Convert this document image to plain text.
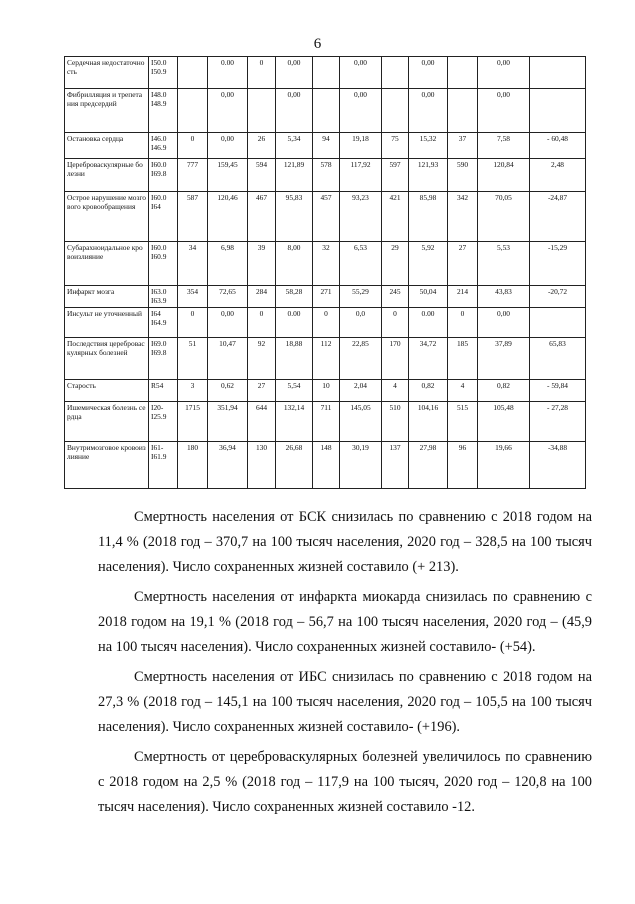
6
Сердечная недостаточность	I50.0 I50.9		0.00	0	0,00		0,00		0,00		0,00	
Фибрилляция и трепетания предсердий	I48.0 I48.9		0,00		0,00		0,00		0,00		0,00	
Остановка сердца	I46.0 I46.9	0	0,00	26	5,34	94	19,18	75	15,32	37	7,58	- 60,48
Цереброваскулярные болезни	I60.0 I69.8	777	159,45	594	121,89	578	117,92	597	121,93	590	120,84	2,48
Острое нарушение мозгового кровообращения	I60.0 I64	587	120,46	467	95,83	457	93,23	421	85,98	342	70,05	-24,87
Субарахноидальное кровоизлияние	I60.0 I60.9	34	6,98	39	8,00	32	6,53	29	5,92	27	5,53	-15,29
Инфаркт мозга	I63.0 I63.9	354	72,65	284	58,28	271	55,29	245	50,04	214	43,83	-20,72
Инсульт не уточненный	I64 I64.9	0	0,00	0	0.00	0	0,0	0	0.00	0	0,00	
Последствия цереброваскулярных болезней	I69.0 I69.8	51	10,47	92	18,88	112	22,85	170	34,72	185	37,89	65,83
Старость	R54	3	0,62	27	5,54	10	2,04	4	0,82	4	0,82	- 59,84
Ишемическая болезнь сердца	I20- I25.9	1715	351,94	644	132,14	711	145,05	510	104,16	515	105,48	- 27,28
Внутримозговое кровоизлияние	I61- I61.9	180	36,94	130	26,68	148	30,19	137	27,98	96	19,66	-34,88

Смертность населения от БСК снизилась по сравнению с 2018 годом на 11,4 % (2018 год – 370,7 на 100 тысяч населения, 2020 год – 328,5 на 100 тысяч населения). Число сохраненных жизней составило (+ 213).

Смертность населения от инфаркта миокарда снизилась по сравнению с 2018 годом на 19,1 % (2018 год – 56,7 на 100 тысяч населения, 2020 год – (45,9 на 100 тысяч населения). Число сохраненных жизней составило- (+54).

Смертность населения от ИБС снизилась по сравнению с 2018 годом на 27,3 % (2018 год – 145,1 на 100 тысяч населения, 2020 год – 105,5 на 100 тысяч населения). Число сохраненных жизней составило- (+196).

Смертность от цереброваскулярных болезней увеличилось по сравнению с 2018 годом на 2,5 % (2018 год – 117,9 на 100 тысяч, 2020 год – 120,8 на 100 тысяч населения). Число сохраненных жизней составило -12.
